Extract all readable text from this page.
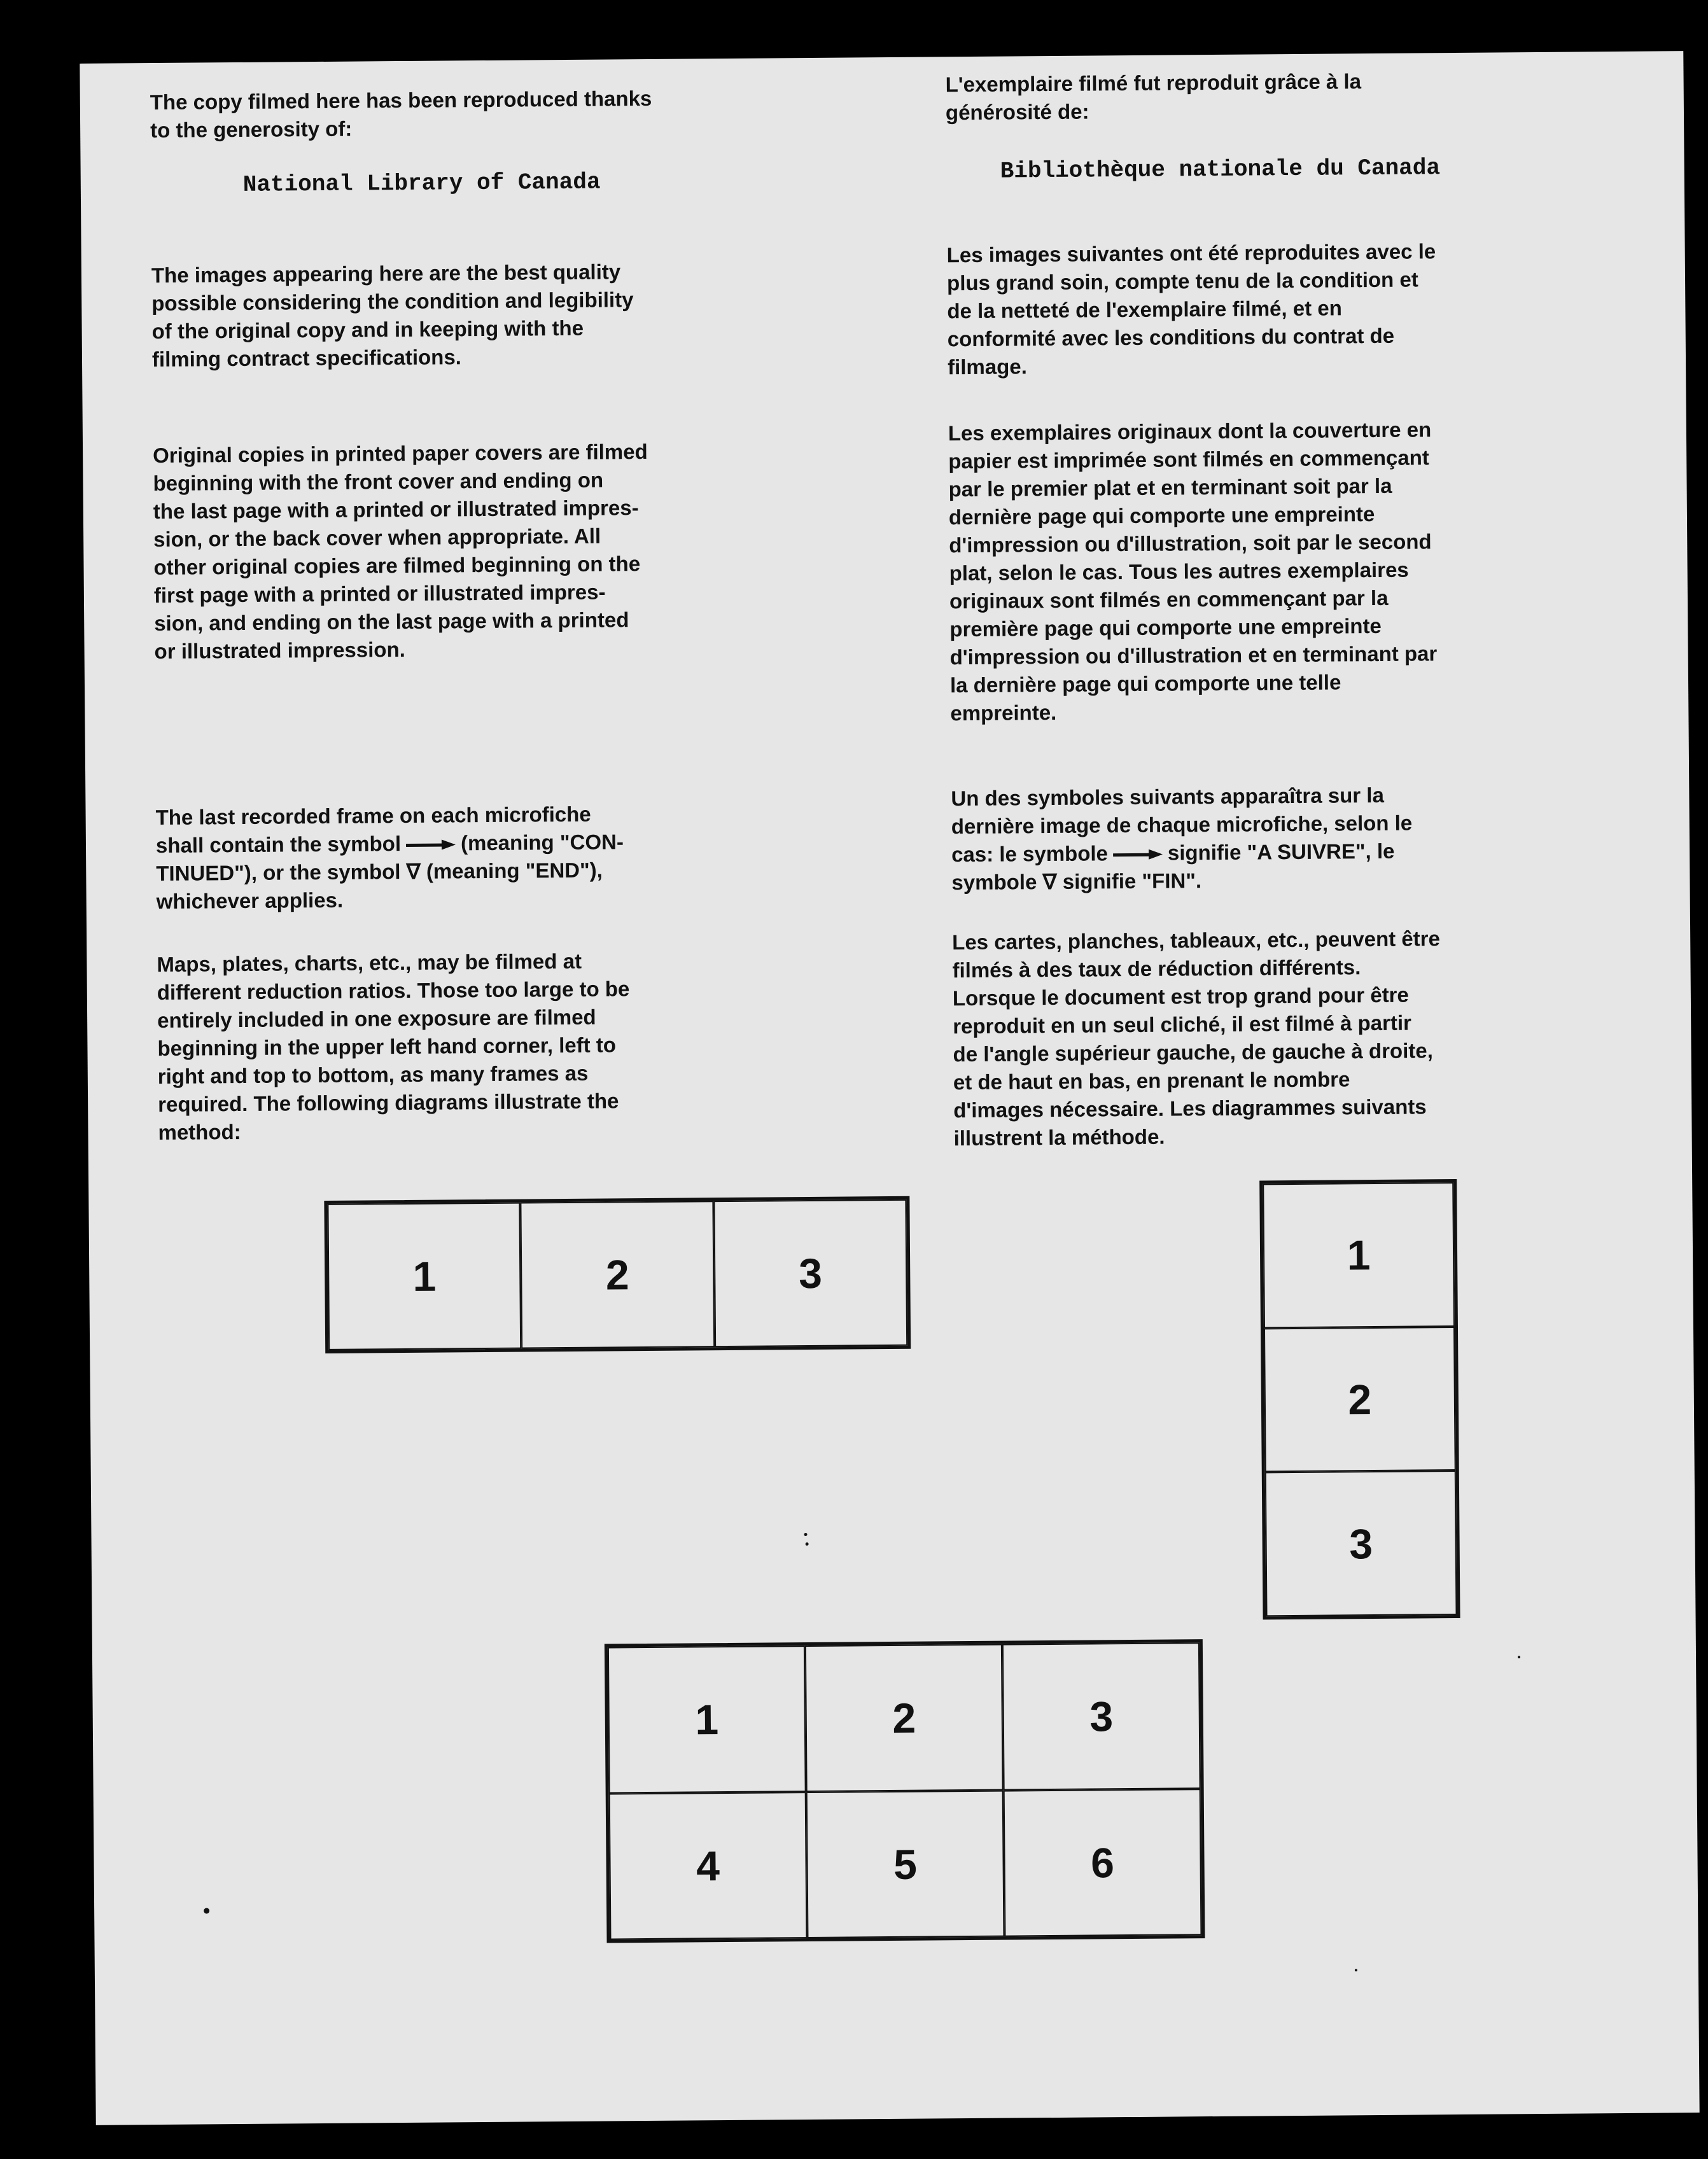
The copy filmed here has been reproduced thanks
to the generosity of:

National Library of Canada

The images appearing here are the best quality
possible considering the condition and legibility
of the original copy and in keeping with the
filming contract specifications.

Original copies in printed paper covers are filmed
beginning with the front cover and ending on
the last page with a printed or illustrated impres-
sion, or the back cover when appropriate. All
other original copies are filmed beginning on the
first page with a printed or illustrated impres-
sion, and ending on the last page with a printed
or illustrated impression.

The last recorded frame on each microfiche
shall contain the symbol	(meaning "CON-
TINUED"), or the symbol ∇ (meaning "END"),
whichever applies.

Maps, plates, charts, etc., may be filmed at
different reduction ratios. Those too large to be
entirely included in one exposure are filmed
beginning in the upper left hand corner, left to
right and top to bottom, as many frames as
required. The following diagrams illustrate the
method:

L'exemplaire filmé fut reproduit grâce à la
générosité de:

Bibliothèque nationale du Canada

Les images suivantes ont été reproduites avec le
plus grand soin, compte tenu de la condition et
de la netteté de l'exemplaire filmé, et en
conformité avec les conditions du contrat de
filmage.

Les exemplaires originaux dont la couverture en
papier est imprimée sont filmés en commençant
par le premier plat et en terminant soit par la
dernière page qui comporte une empreinte
d'impression ou d'illustration, soit par le second
plat, selon le cas. Tous les autres exemplaires
originaux sont filmés en commençant par la
première page qui comporte une empreinte
d'impression ou d'illustration et en terminant par
la dernière page qui comporte une telle
empreinte.

Un des symboles suivants apparaîtra sur la
dernière image de chaque microfiche, selon le
cas: le symbole	signifie "A SUIVRE", le
symbole ∇ signifie "FIN".

Les cartes, planches, tableaux, etc., peuvent être
filmés à des taux de réduction différents.
Lorsque le document est trop grand pour être
reproduit en un seul cliché, il est filmé à partir
de l'angle supérieur gauche, de gauche à droite,
et de haut en bas, en prenant le nombre
d'images nécessaire. Les diagrammes suivants
illustrent la méthode.

1	2	3	1
2
3
1	2	3
4	5	6
